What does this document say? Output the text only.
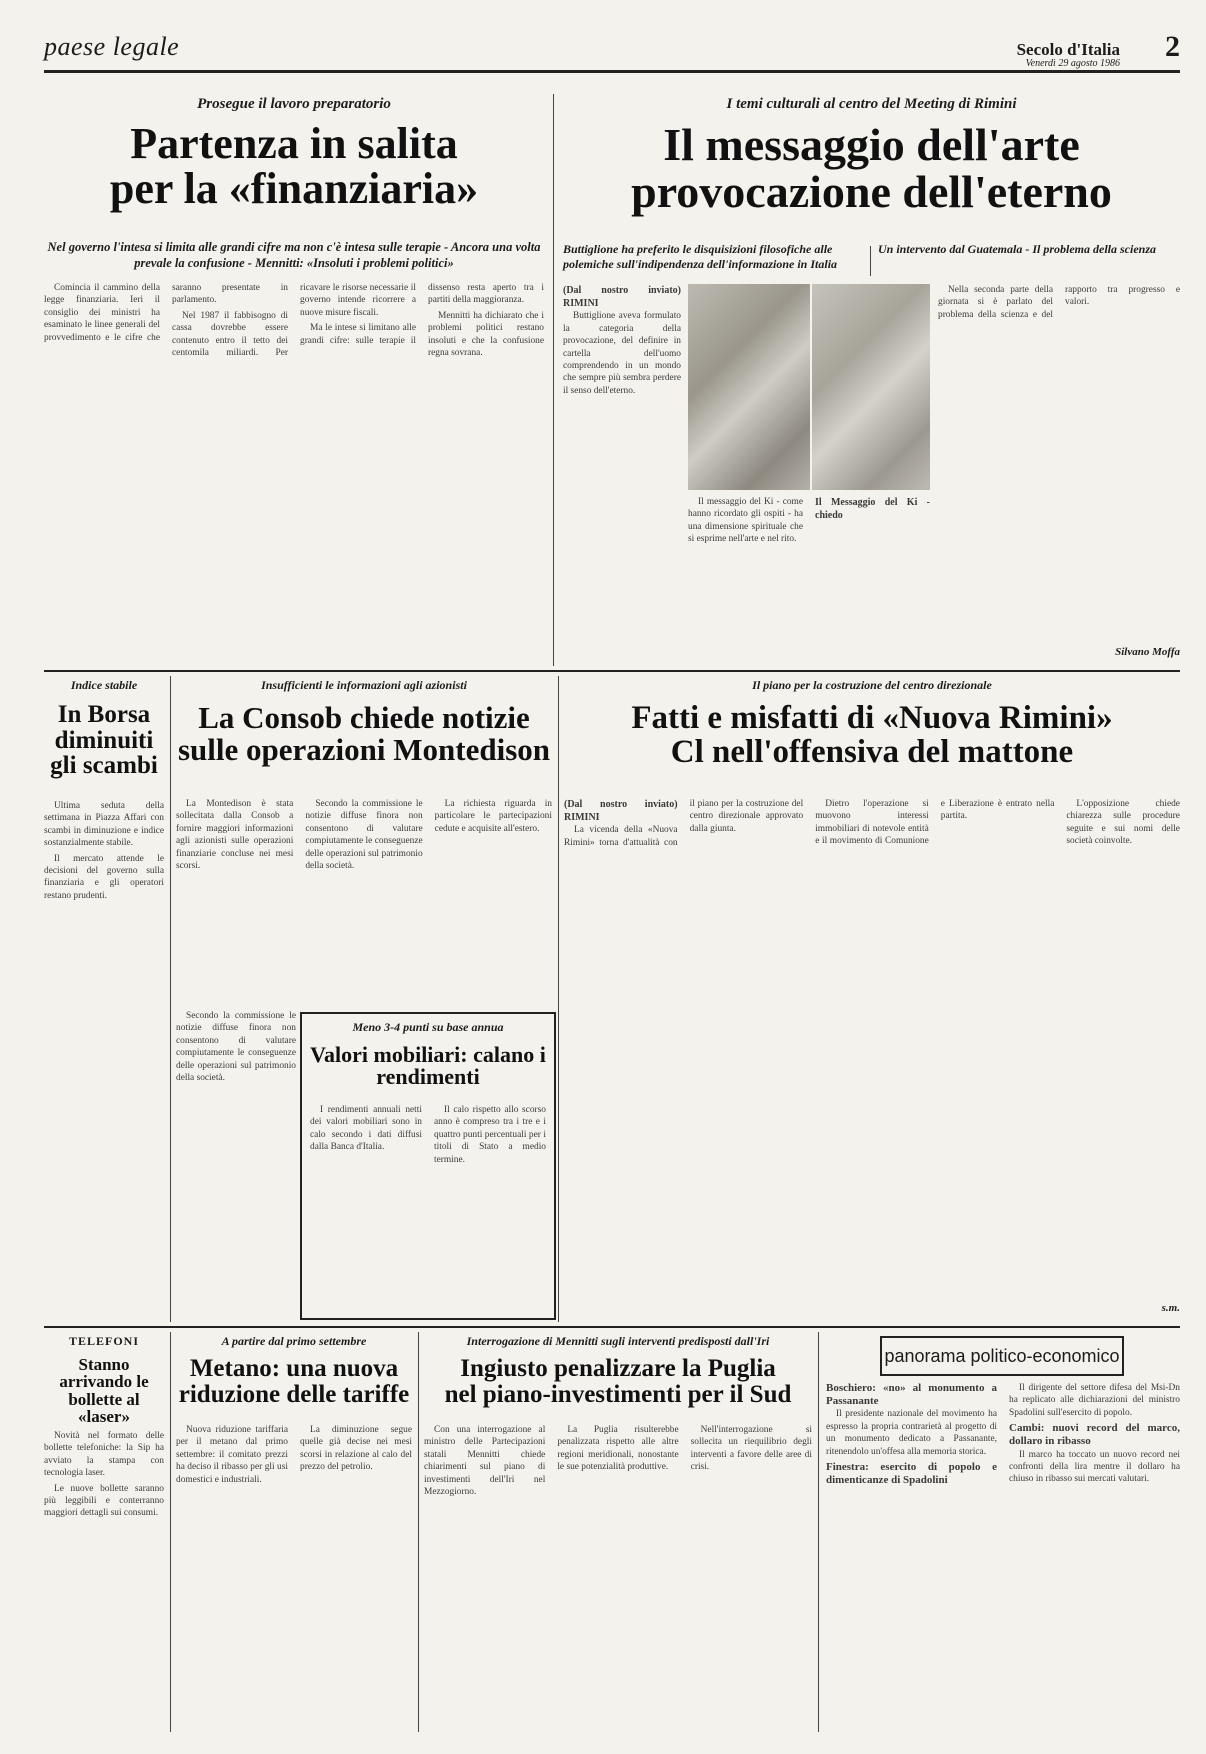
paese legale	Secolo d'Italia
Venerdì 29 agosto 1986
2
Prosegue il lavoro preparatorio
Partenza in salita
per la «finanziaria»
Nel governo l'intesa si limita alle grandi cifre ma non c'è intesa sulle terapie - Ancora una volta prevale la confusione - Mennitti: «Insoluti i problemi politici»

Comincia il cammino della legge finanziaria. Ieri il consiglio dei ministri ha esaminato le linee generali del provvedimento e le cifre che saranno presentate in parlamento.

Nel 1987 il fabbisogno di cassa dovrebbe essere contenuto entro il tetto dei centomila miliardi. Per ricavare le risorse necessarie il governo intende ricorrere a nuove misure fiscali.

Ma le intese si limitano alle grandi cifre: sulle terapie il dissenso resta aperto tra i partiti della maggioranza.

Mennitti ha dichiarato che i problemi politici restano insoluti e che la confusione regna sovrana.

I temi culturali al centro del Meeting di Rimini
Il messaggio dell'arte
provocazione dell'eterno
Buttiglione ha preferito le disquisizioni filosofiche alle polemiche sull'indipendenza dell'informazione in Italia
Un intervento dal Guatemala - Il problema della scienza
(Dal nostro inviato) RIMINI

Buttiglione aveva formulato la categoria della provocazione, del definire in cartella dell'uomo comprendendo in un mondo che sempre più sembra perdere il senso dell'eterno.

Il messaggio del Ki - come hanno ricordato gli ospiti - ha una dimensione spirituale che si esprime nell'arte e nel rito.

Il Messaggio del Ki - chiedo

Nella seconda parte della giornata si è parlato del problema della scienza e del rapporto tra progresso e valori.

Silvano Moffa
Indice stabile
In Borsa diminuiti gli scambi

Ultima seduta della settimana in Piazza Affari con scambi in diminuzione e indice sostanzialmente stabile.

Il mercato attende le decisioni del governo sulla finanziaria e gli operatori restano prudenti.

Insufficienti le informazioni agli azionisti
La Consob chiede notizie
sulle operazioni Montedison

La Montedison è stata sollecitata dalla Consob a fornire maggiori informazioni agli azionisti sulle operazioni finanziarie concluse nei mesi scorsi.

Secondo la commissione le notizie diffuse finora non consentono di valutare compiutamente le conseguenze delle operazioni sul patrimonio della società.

La richiesta riguarda in particolare le partecipazioni cedute e acquisite all'estero.

Secondo la commissione le notizie diffuse finora non consentono di valutare compiutamente le conseguenze delle operazioni sul patrimonio della società.

Meno 3-4 punti su base annua
Valori mobiliari: calano i rendimenti

I rendimenti annuali netti dei valori mobiliari sono in calo secondo i dati diffusi dalla Banca d'Italia.

Il calo rispetto allo scorso anno è compreso tra i tre e i quattro punti percentuali per i titoli di Stato a medio termine.

Il piano per la costruzione del centro direzionale
Fatti e misfatti di «Nuova Rimini»
Cl nell'offensiva del mattone
(Dal nostro inviato) RIMINI

La vicenda della «Nuova Rimini» torna d'attualità con il piano per la costruzione del centro direzionale approvato dalla giunta.

Dietro l'operazione si muovono interessi immobiliari di notevole entità e il movimento di Comunione e Liberazione è entrato nella partita.

L'opposizione chiede chiarezza sulle procedure seguite e sui nomi delle società coinvolte.

s.m.
TELEFONI
Stanno arrivando le bollette al «laser»

Novità nel formato delle bollette telefoniche: la Sip ha avviato la stampa con tecnologia laser.

Le nuove bollette saranno più leggibili e conterranno maggiori dettagli sui consumi.

A partire dal primo settembre
Metano: una nuova
riduzione delle tariffe

Nuova riduzione tariffaria per il metano dal primo settembre: il comitato prezzi ha deciso il ribasso per gli usi domestici e industriali.

La diminuzione segue quelle già decise nei mesi scorsi in relazione al calo del prezzo del petrolio.

Interrogazione di Mennitti sugli interventi predisposti dall'Iri
Ingiusto penalizzare la Puglia
nel piano-investimenti per il Sud

Con una interrogazione al ministro delle Partecipazioni statali Mennitti chiede chiarimenti sul piano di investimenti dell'Iri nel Mezzogiorno.

La Puglia risulterebbe penalizzata rispetto alle altre regioni meridionali, nonostante le sue potenzialità produttive.

Nell'interrogazione si sollecita un riequilibrio degli interventi a favore delle aree di crisi.

panorama politico-economico
Boschiero: «no» al monumento a Passanante

Il presidente nazionale del movimento ha espresso la propria contrarietà al progetto di un monumento dedicato a Passanante, ritenendolo un'offesa alla memoria storica.

Finestra: esercito di popolo e dimenticanze di Spadolini

Il dirigente del settore difesa del Msi-Dn ha replicato alle dichiarazioni del ministro Spadolini sull'esercito di popolo.

Cambi: nuovi record del marco, dollaro in ribasso

Il marco ha toccato un nuovo record nei confronti della lira mentre il dollaro ha chiuso in ribasso sui mercati valutari.
